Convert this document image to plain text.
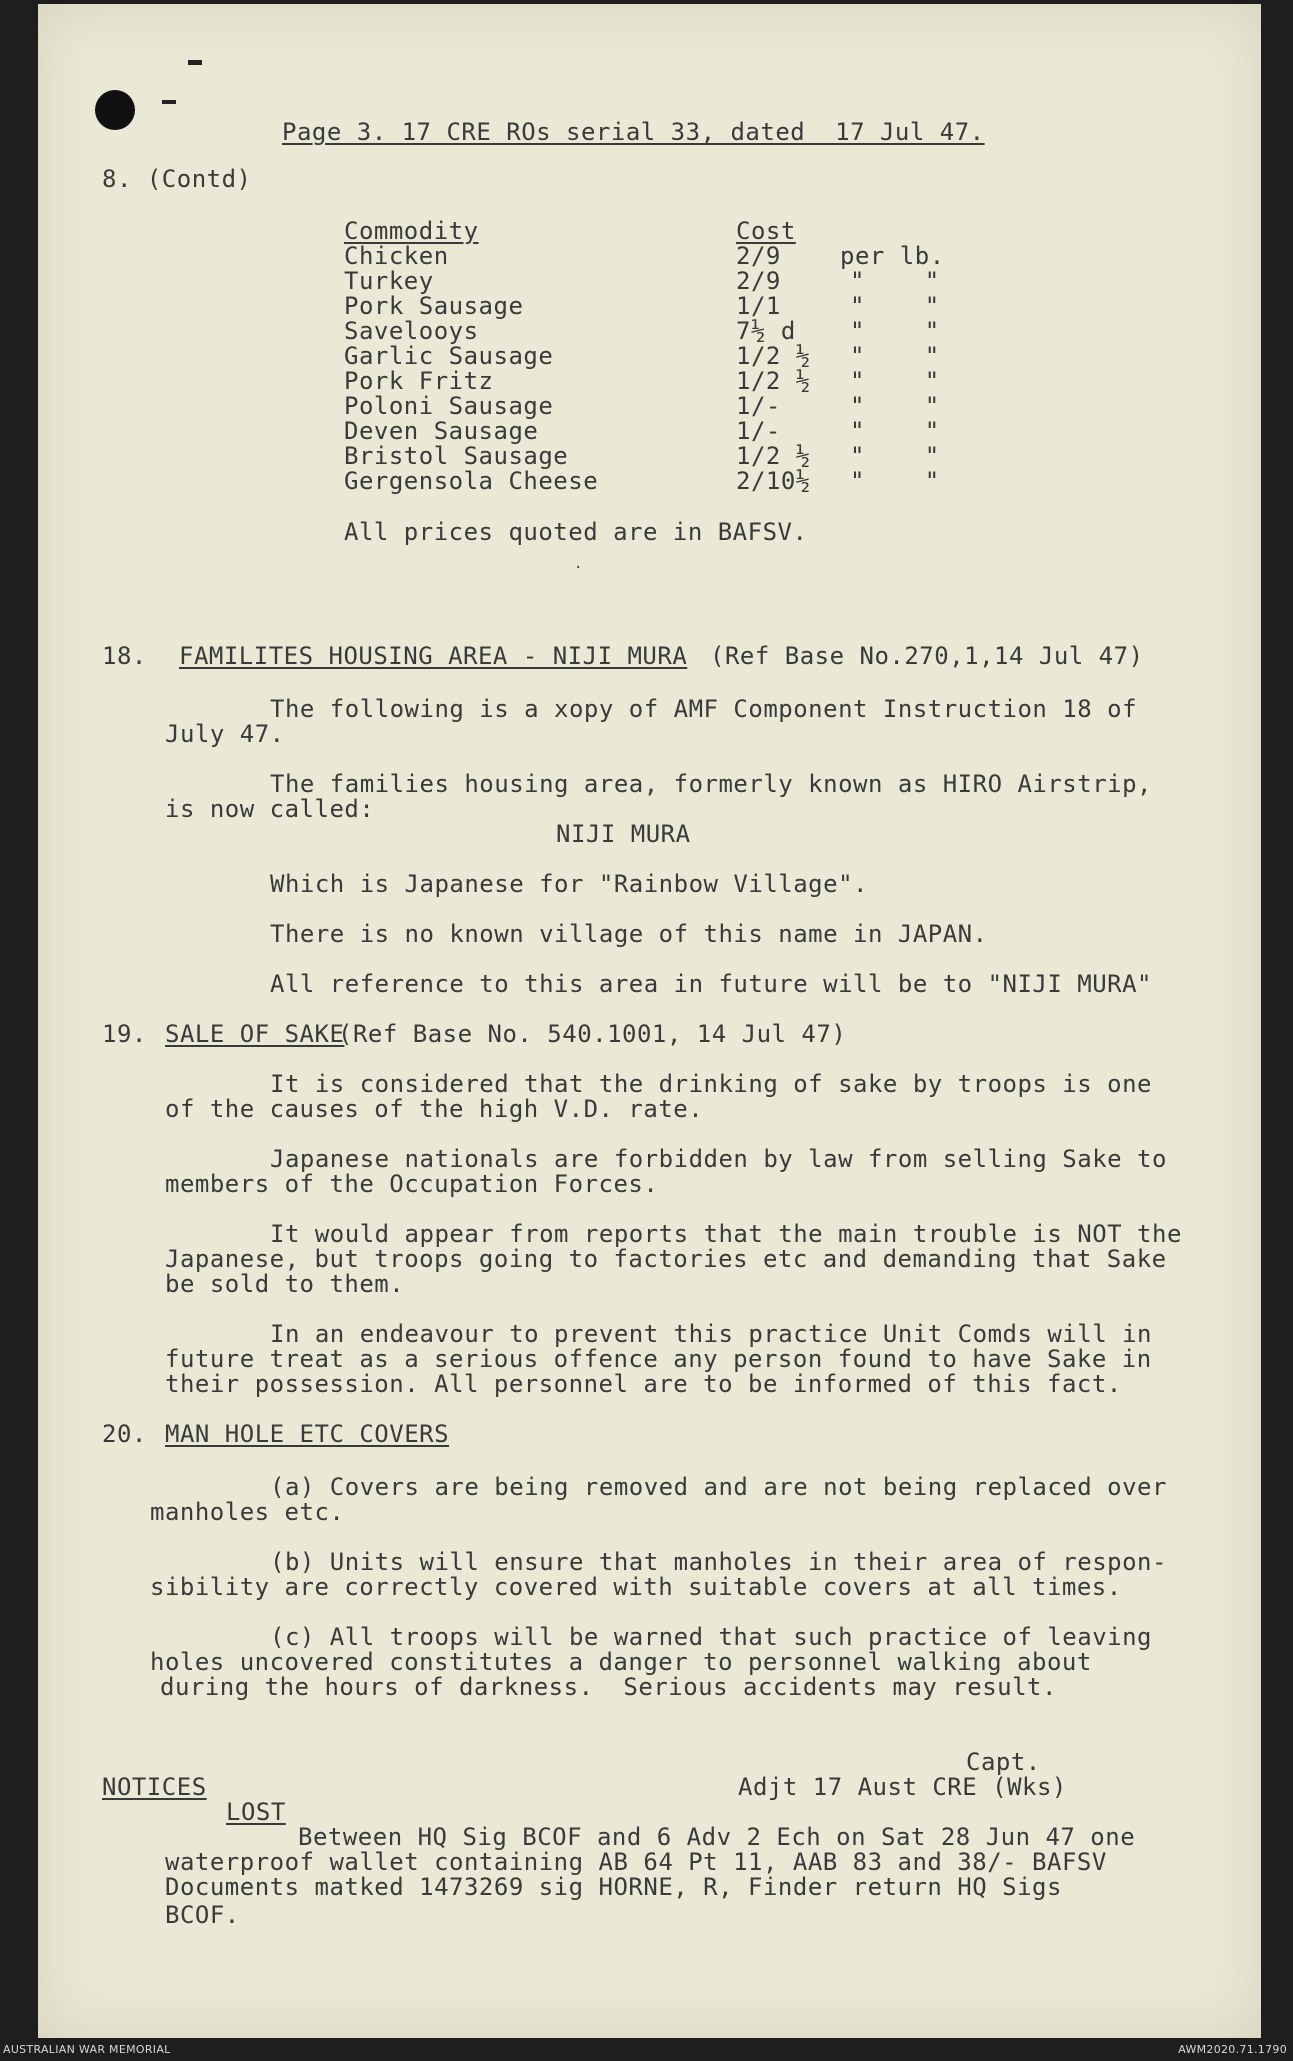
Page 3. 17 CRE ROs serial 33, dated  17 Jul 47.
8. (Contd)
Commodity	Cost
Chicken	2/9 per lb.
Turkey	2/9	"    "
Pork Sausage	1/1	"    "
Savelooys	7½ d "    "
Garlic Sausage	1/2 ½ "    "
Pork Fritz	1/2 ½ "    "
Poloni Sausage	1/-	"    "
Deven Sausage	1/-	"    "
Bristol Sausage	1/2 ½ "    "
Gergensola Cheese	2/10½ "    "
All prices quoted are in BAFSV.
.
18. FAMILITES HOUSING AREA - NIJI MURA (Ref Base No.270,1,14 Jul 47)
The following is a xopy of AMF Component Instruction 18 of
July 47.
The families housing area, formerly known as HIRO Airstrip,
is now called:
NIJI MURA
Which is Japanese for "Rainbow Village".
There is no known village of this name in JAPAN.
All reference to this area in future will be to "NIJI MURA"
19. SALE OF SAKE
(Ref Base No. 540.1001, 14 Jul 47)
It is considered that the drinking of sake by troops is one
of the causes of the high V.D. rate.
Japanese nationals are forbidden by law from selling Sake to
members of the Occupation Forces.
It would appear from reports that the main trouble is NOT the
Japanese, but troops going to factories etc and demanding that Sake
be sold to them.
In an endeavour to prevent this practice Unit Comds will in
future treat as a serious offence any person found to have Sake in
their possession. All personnel are to be informed of this fact.
20. MAN HOLE ETC COVERS
(a) Covers are being removed and are not being replaced over
manholes etc.
(b) Units will ensure that manholes in their area of respon-
sibility are correctly covered with suitable covers at all times.
(c) All troops will be warned that such practice of leaving
holes uncovered constitutes a danger to personnel walking about
during the hours of darkness.  Serious accidents may result.
Capt.
Adjt 17 Aust CRE (Wks)
NOTICES
LOST
Between HQ Sig BCOF and 6 Adv 2 Ech on Sat 28 Jun 47 one
waterproof wallet containing AB 64 Pt 11, AAB 83 and 38/- BAFSV
Documents matked 1473269 sig HORNE, R, Finder return HQ Sigs
BCOF.
AUSTRALIAN WAR MEMORIAL	AWM2020.71.1790
